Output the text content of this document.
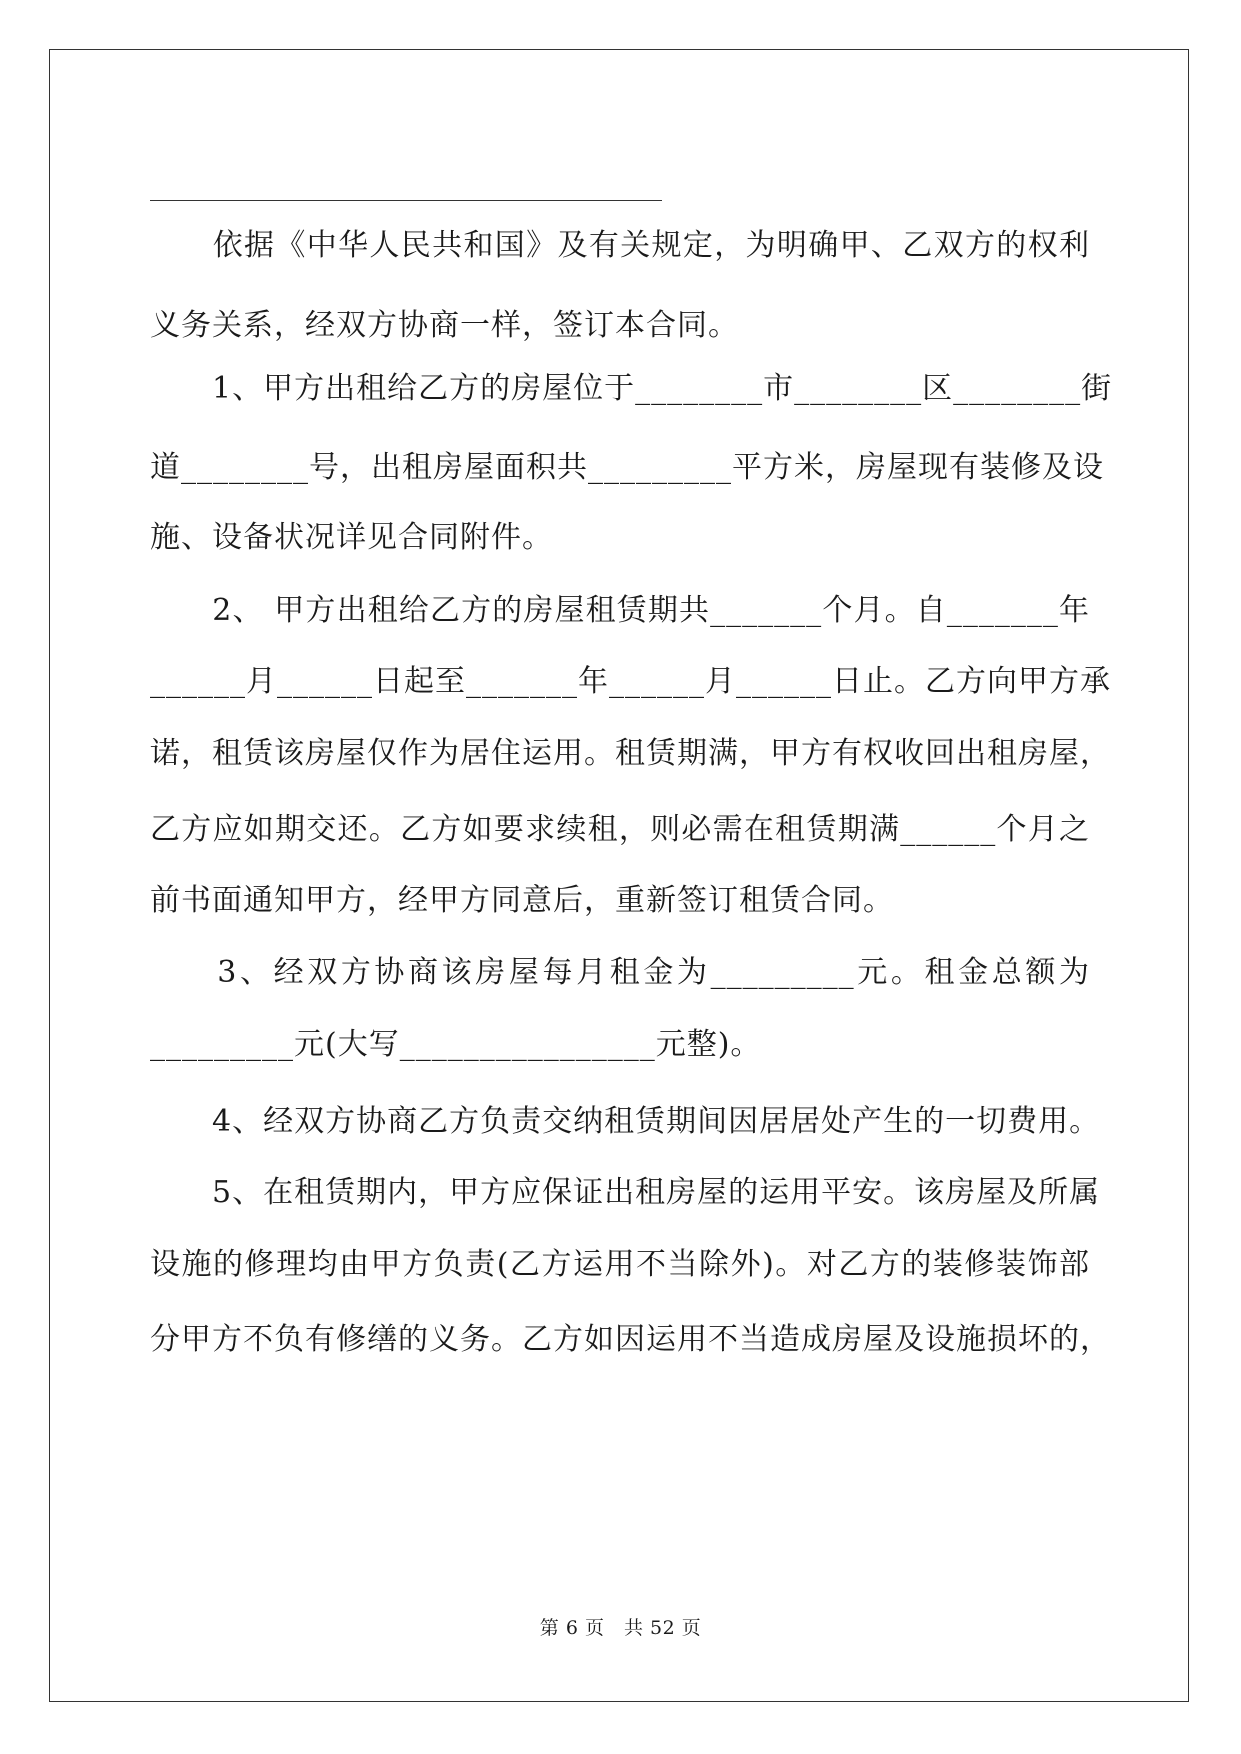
　　依据《中华人民共和国》及有关规定，为明确甲、乙双方的权利
义务关系，经双方协商一样，签订本合同。
　　1、甲方出租给乙方的房屋位于________市________区________街
道________号，出租房屋面积共_________平方米，房屋现有装修及设
施、设备状况详见合同附件。
　　2、 甲方出租给乙方的房屋租赁期共_______个月。自_______年
______月______日起至_______年______月______日止。乙方向甲方承
诺，租赁该房屋仅作为居住运用。租赁期满，甲方有权收回出租房屋，
乙方应如期交还。乙方如要求续租，则必需在租赁期满______个月之
前书面通知甲方，经甲方同意后，重新签订租赁合同。
　　3、经双方协商该房屋每月租金为_________元。租金总额为
_________元(大写________________元整)。
　　4、经双方协商乙方负责交纳租赁期间因居居处产生的一切费用。
　　5、在租赁期内，甲方应保证出租房屋的运用平安。该房屋及所属
设施的修理均由甲方负责(乙方运用不当除外)。对乙方的装修装饰部
分甲方不负有修缮的义务。乙方如因运用不当造成房屋及设施损坏的，
第 6 页　共 52 页
